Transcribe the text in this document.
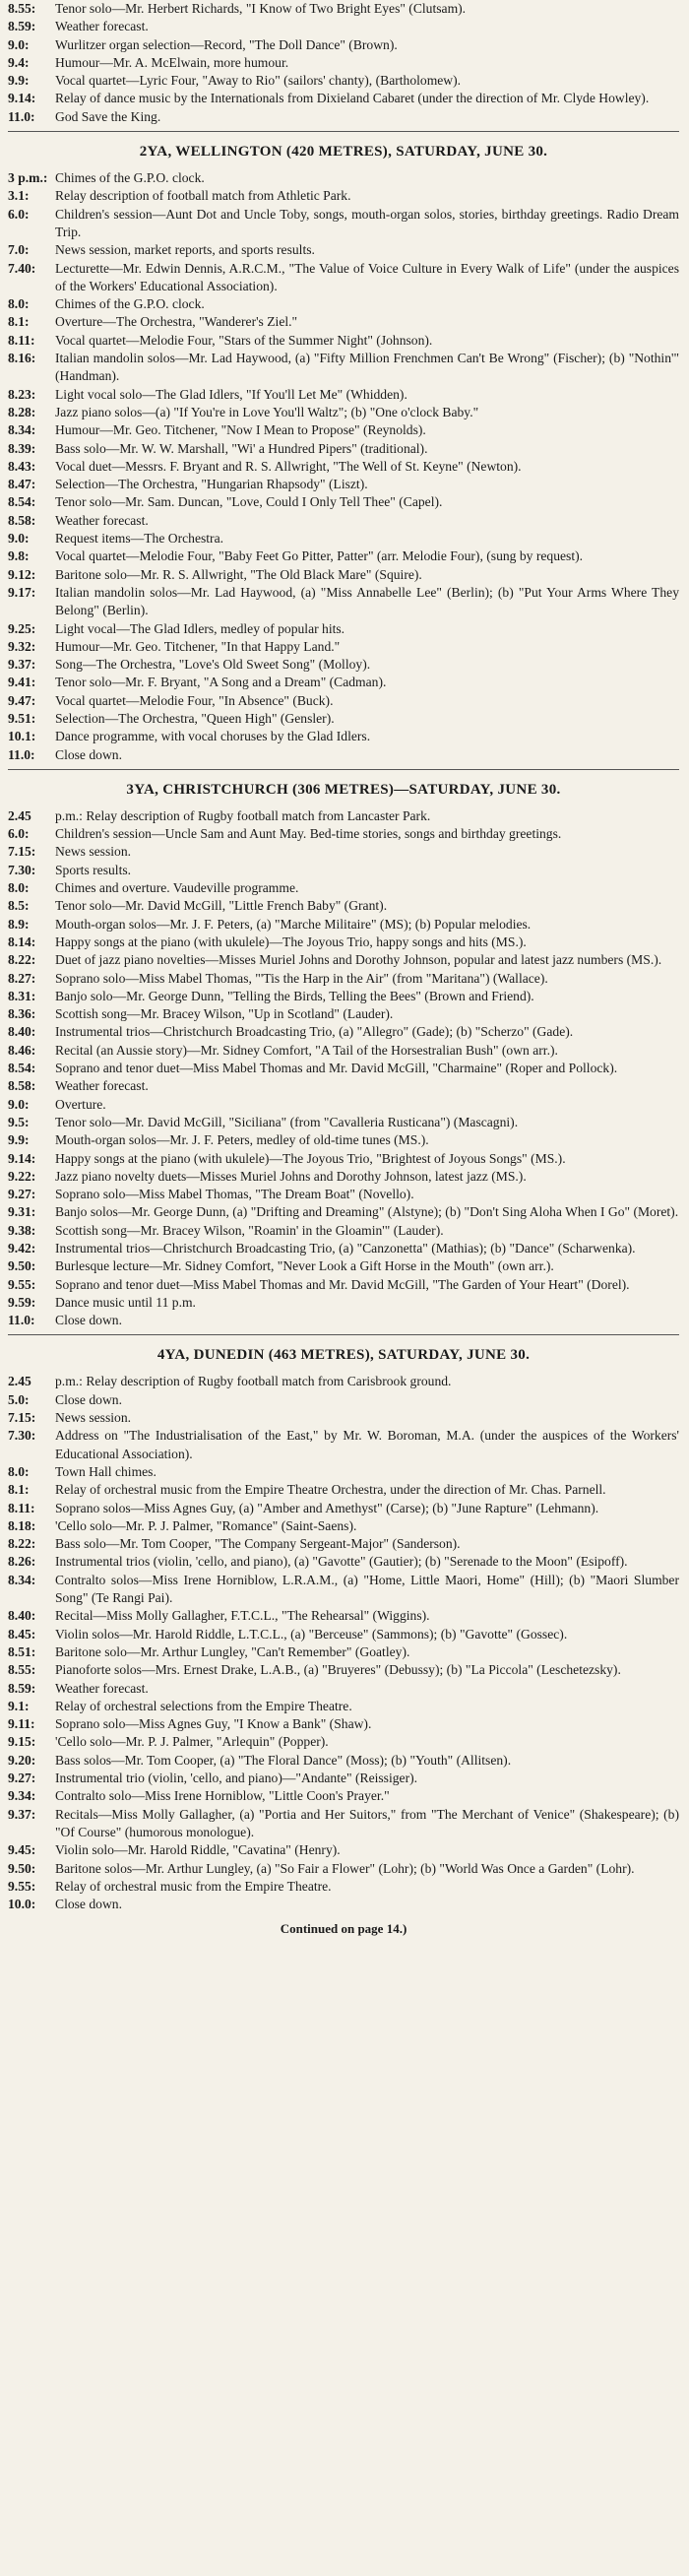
8.55:	Tenor solo—Mr. Herbert Richards, "I Know of Two Bright Eyes" (Clutsam).
8.59:	Weather forecast.
9.0:	Wurlitzer organ selection—Record, "The Doll Dance" (Brown).
9.4:	Humour—Mr. A. McElwain, more humour.
9.9:	Vocal quartet—Lyric Four, "Away to Rio" (sailors' chanty), (Bartholomew).
9.14:	Relay of dance music by the Internationals from Dixieland Cabaret (under the direction of Mr. Clyde Howley).
11.0:	God Save the King.
2YA, WELLINGTON (420 METRES), SATURDAY, JUNE 30.
3 p.m.: Chimes of the G.P.O. clock.
3.1:	Relay description of football match from Athletic Park.
6.0:	Children's session—Aunt Dot and Uncle Toby, songs, mouth-organ solos, stories, birthday greetings. Radio Dream Trip.
7.0:	News session, market reports, and sports results.
7.40:	Lecturette—Mr. Edwin Dennis, A.R.C.M., "The Value of Voice Culture in Every Walk of Life" (under the auspices of the Workers' Educational Association).
8.0:	Chimes of the G.P.O. clock.
8.1:	Overture—The Orchestra, "Wanderer's Ziel."
8.11:	Vocal quartet—Melodie Four, "Stars of the Summer Night" (Johnson).
8.16:	Italian mandolin solos—Mr. Lad Haywood, (a) "Fifty Million Frenchmen Can't Be Wrong" (Fischer); (b) "Nothin'" (Handman).
8.23:	Light vocal solo—The Glad Idlers, "If You'll Let Me" (Whidden).
8.28:	Jazz piano solos—(a) "If You're in Love You'll Waltz"; (b) "One o'clock Baby."
8.34:	Humour—Mr. Geo. Titchener, "Now I Mean to Propose" (Reynolds).
8.39:	Bass solo—Mr. W. W. Marshall, "Wi' a Hundred Pipers" (traditional).
8.43:	Vocal duet—Messrs. F. Bryant and R. S. Allwright, "The Well of St. Keyne" (Newton).
8.47:	Selection—The Orchestra, "Hungarian Rhapsody" (Liszt).
8.54:	Tenor solo—Mr. Sam. Duncan, "Love, Could I Only Tell Thee" (Capel).
8.58:	Weather forecast.
9.0:	Request items—The Orchestra.
9.8:	Vocal quartet—Melodie Four, "Baby Feet Go Pitter, Patter" (arr. Melodie Four), (sung by request).
9.12:	Baritone solo—Mr. R. S. Allwright, "The Old Black Mare" (Squire).
9.17:	Italian mandolin solos—Mr. Lad Haywood, (a) "Miss Annabelle Lee" (Berlin); (b) "Put Your Arms Where They Belong" (Berlin).
9.25:	Light vocal—The Glad Idlers, medley of popular hits.
9.32:	Humour—Mr. Geo. Titchener, "In that Happy Land."
9.37:	Song—The Orchestra, "Love's Old Sweet Song" (Molloy).
9.41:	Tenor solo—Mr. F. Bryant, "A Song and a Dream" (Cadman).
9.47:	Vocal quartet—Melodie Four, "In Absence" (Buck).
9.51:	Selection—The Orchestra, "Queen High" (Gensler).
10.1:	Dance programme, with vocal choruses by the Glad Idlers.
11.0:	Close down.
3YA, CHRISTCHURCH (306 METRES)—SATURDAY, JUNE 30.
2.45	p.m.: Relay description of Rugby football match from Lancaster Park.
6.0:	Children's session—Uncle Sam and Aunt May. Bed-time stories, songs and birthday greetings.
7.15:	News session.
7.30:	Sports results.
8.0:	Chimes and overture. Vaudeville programme.
8.5:	Tenor solo—Mr. David McGill, "Little French Baby" (Grant).
8.9:	Mouth-organ solos—Mr. J. F. Peters, (a) "Marche Militaire" (MS); (b) Popular melodies.
8.14:	Happy songs at the piano (with ukulele)—The Joyous Trio, happy songs and hits (MS.).
8.22:	Duet of jazz piano novelties—Misses Muriel Johns and Dorothy Johnson, popular and latest jazz numbers (MS.).
8.27:	Soprano solo—Miss Mabel Thomas, "'Tis the Harp in the Air" (from "Maritana") (Wallace).
8.31:	Banjo solo—Mr. George Dunn, "Telling the Birds, Telling the Bees" (Brown and Friend).
8.36:	Scottish song—Mr. Bracey Wilson, "Up in Scotland" (Lauder).
8.40:	Instrumental trios—Christchurch Broadcasting Trio, (a) "Allegro" (Gade); (b) "Scherzo" (Gade).
8.46:	Recital (an Aussie story)—Mr. Sidney Comfort, "A Tail of the Horsestralian Bush" (own arr.).
8.54:	Soprano and tenor duet—Miss Mabel Thomas and Mr. David McGill, "Charmaine" (Roper and Pollock).
8.58:	Weather forecast.
9.0:	Overture.
9.5:	Tenor solo—Mr. David McGill, "Siciliana" (from "Cavalleria Rusticana") (Mascagni).
9.9:	Mouth-organ solos—Mr. J. F. Peters, medley of old-time tunes (MS.).
9.14:	Happy songs at the piano (with ukulele)—The Joyous Trio, "Brightest of Joyous Songs" (MS.).
9.22:	Jazz piano novelty duets—Misses Muriel Johns and Dorothy Johnson, latest jazz (MS.).
9.27:	Soprano solo—Miss Mabel Thomas, "The Dream Boat" (Novello).
9.31:	Banjo solos—Mr. George Dunn, (a) "Drifting and Dreaming" (Alstyne); (b) "Don't Sing Aloha When I Go" (Moret).
9.38:	Scottish song—Mr. Bracey Wilson, "Roamin' in the Gloamin'" (Lauder).
9.42:	Instrumental trios—Christchurch Broadcasting Trio, (a) "Canzonetta" (Mathias); (b) "Dance" (Scharwenka).
9.50:	Burlesque lecture—Mr. Sidney Comfort, "Never Look a Gift Horse in the Mouth" (own arr.).
9.55:	Soprano and tenor duet—Miss Mabel Thomas and Mr. David McGill, "The Garden of Your Heart" (Dorel).
9.59:	Dance music until 11 p.m.
11.0:	Close down.
4YA, DUNEDIN (463 METRES), SATURDAY, JUNE 30.
2.45	p.m.: Relay description of Rugby football match from Carisbrook ground.
5.0:	Close down.
7.15:	News session.
7.30:	Address on "The Industrialisation of the East," by Mr. W. Boroman, M.A. (under the auspices of the Workers' Educational Association).
8.0:	Town Hall chimes.
8.1:	Relay of orchestral music from the Empire Theatre Orchestra, under the direction of Mr. Chas. Parnell.
8.11:	Soprano solos—Miss Agnes Guy, (a) "Amber and Amethyst" (Carse); (b) "June Rapture" (Lehmann).
8.18:	'Cello solo—Mr. P. J. Palmer, "Romance" (Saint-Saens).
8.22:	Bass solo—Mr. Tom Cooper, "The Company Sergeant-Major" (Sanderson).
8.26:	Instrumental trios (violin, 'cello, and piano), (a) "Gavotte" (Gautier); (b) "Serenade to the Moon" (Esipoff).
8.34:	Contralto solos—Miss Irene Horniblow, L.R.A.M., (a) "Home, Little Maori, Home" (Hill); (b) "Maori Slumber Song" (Te Rangi Pai).
8.40:	Recital—Miss Molly Gallagher, F.T.C.L., "The Rehearsal" (Wiggins).
8.45:	Violin solos—Mr. Harold Riddle, L.T.C.L., (a) "Berceuse" (Sammons); (b) "Gavotte" (Gossec).
8.51:	Baritone solo—Mr. Arthur Lungley, "Can't Remember" (Goatley).
8.55:	Pianoforte solos—Mrs. Ernest Drake, L.A.B., (a) "Bruyeres" (Debussy); (b) "La Piccola" (Leschetezsky).
8.59:	Weather forecast.
9.1:	Relay of orchestral selections from the Empire Theatre.
9.11:	Soprano solo—Miss Agnes Guy, "I Know a Bank" (Shaw).
9.15:	'Cello solo—Mr. P. J. Palmer, "Arlequin" (Popper).
9.20:	Bass solos—Mr. Tom Cooper, (a) "The Floral Dance" (Moss); (b) "Youth" (Allitsen).
9.27:	Instrumental trio (violin, 'cello, and piano)—"Andante" (Reissiger).
9.34:	Contralto solo—Miss Irene Horniblow, "Little Coon's Prayer."
9.37:	Recitals—Miss Molly Gallagher, (a) "Portia and Her Suitors," from "The Merchant of Venice" (Shakespeare); (b) "Of Course" (humorous monologue).
9.45:	Violin solo—Mr. Harold Riddle, "Cavatina" (Henry).
9.50:	Baritone solos—Mr. Arthur Lungley, (a) "So Fair a Flower" (Lohr); (b) "World Was Once a Garden" (Lohr).
9.55:	Relay of orchestral music from the Empire Theatre.
10.0:	Close down.
Continued on page 14.)
